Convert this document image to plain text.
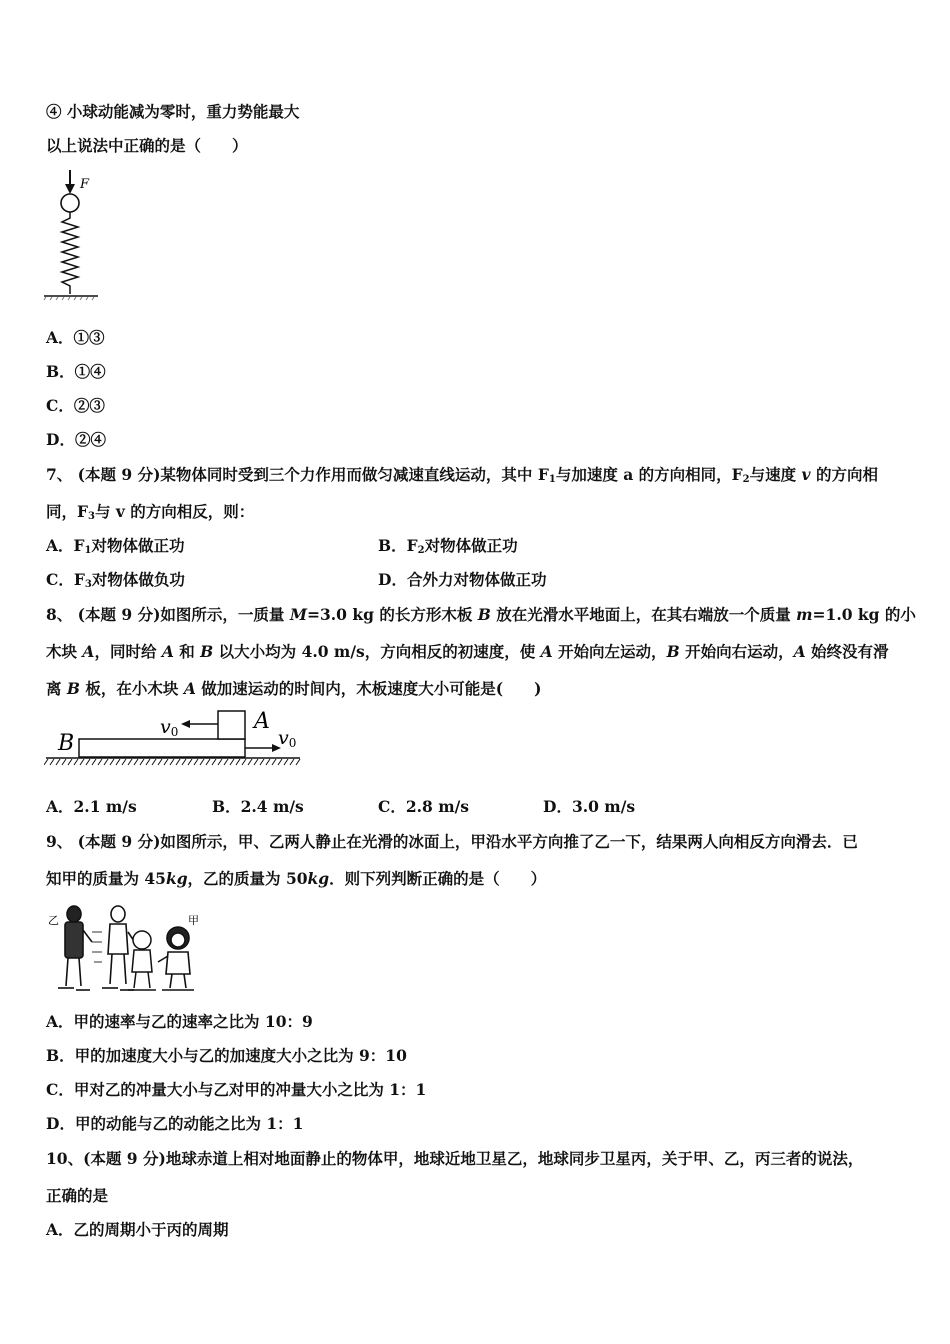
④ 小球动能减为零时，重力势能最大
以上说法中正确的是（　　）
F
A．①③
B．①④
C．②③
D．②④
7、 (本题 9 分)某物体同时受到三个力作用而做匀减速直线运动，其中 $F_1$与加速度 a 的方向相同，$F_2$与速度 v 的方向相
同，$F_3$与 v 的方向相反，则：
A．$F_1$对物体做正功	B．$F_2$对物体做正功
C．$F_3$对物体做负功	D．合外力对物体做正功
8、 (本题 9 分)如图所示，一质量 M=3.0 kg 的长方形木板 B 放在光滑水平地面上，在其右端放一个质量 m=1.0 kg 的小
木块 A，同时给 A 和 B 以大小均为 4.0 m/s，方向相反的初速度，使 A 开始向左运动，B 开始向右运动，A 始终没有滑
离 B 板，在小木块 A 做加速运动的时间内，木板速度大小可能是(　　)
B
A
v0	v0
A．2.1 m/s	B．2.4 m/s	C．2.8 m/s	D．3.0 m/s
9、 (本题 9 分)如图所示，甲、乙两人静止在光滑的冰面上，甲沿水平方向推了乙一下，结果两人向相反方向滑去．已
知甲的质量为 45kg，乙的质量为 50kg．则下列判断正确的是（　　）
乙	甲
A．甲的速率与乙的速率之比为 10：9
B．甲的加速度大小与乙的加速度大小之比为 9：10
C．甲对乙的冲量大小与乙对甲的冲量大小之比为 1：1
D．甲的动能与乙的动能之比为 1：1
10、(本题 9 分)地球赤道上相对地面静止的物体甲，地球近地卫星乙，地球同步卫星丙，关于甲、乙，丙三者的说法，
正确的是
A．乙的周期小于丙的周期
